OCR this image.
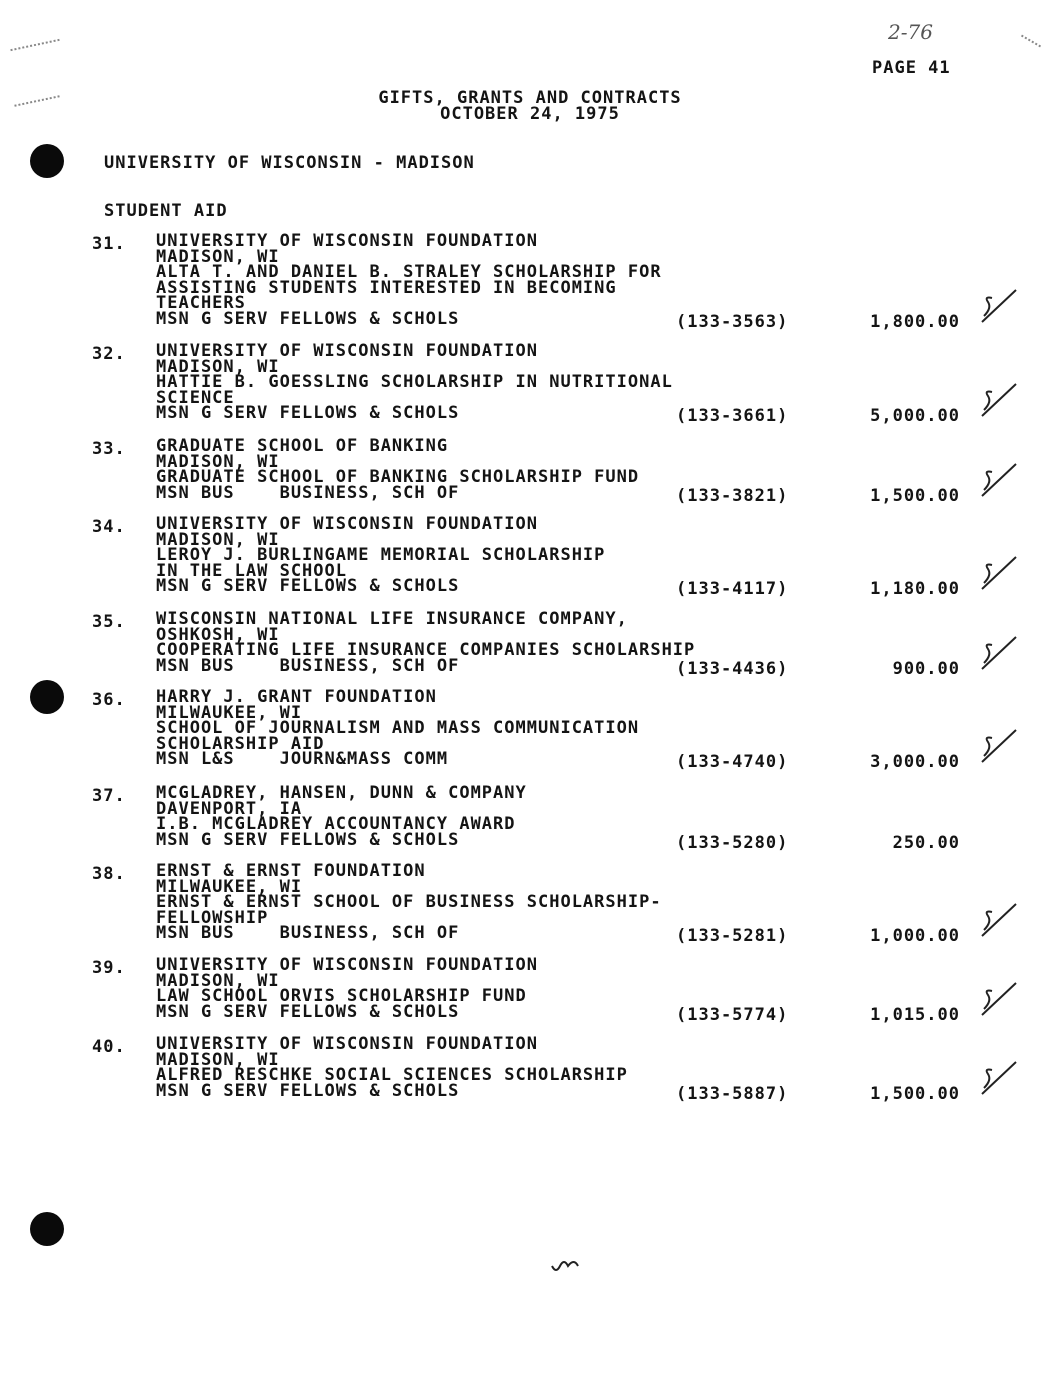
2-76
PAGE 41
GIFTS, GRANTS AND CONTRACTS
OCTOBER 24, 1975
UNIVERSITY OF WISCONSIN - MADISON
STUDENT AID
31. UNIVERSITY OF WISCONSIN FOUNDATION
MADISON, WI
ALTA T. AND DANIEL B. STRALEY SCHOLARSHIP FOR
ASSISTING STUDENTS INTERESTED IN BECOMING
TEACHERS
MSN G SERV FELLOWS & SCHOLS	(133-3563)	1,800.00
32. UNIVERSITY OF WISCONSIN FOUNDATION
MADISON, WI
HATTIE B. GOESSLING SCHOLARSHIP IN NUTRITIONAL
SCIENCE
MSN G SERV FELLOWS & SCHOLS	(133-3661)	5,000.00
33. GRADUATE SCHOOL OF BANKING
MADISON, WI
GRADUATE SCHOOL OF BANKING SCHOLARSHIP FUND
MSN BUS    BUSINESS, SCH OF	(133-3821)	1,500.00
34. UNIVERSITY OF WISCONSIN FOUNDATION
MADISON, WI
LEROY J. BURLINGAME MEMORIAL SCHOLARSHIP
IN THE LAW SCHOOL
MSN G SERV FELLOWS & SCHOLS	(133-4117)	1,180.00
35. WISCONSIN NATIONAL LIFE INSURANCE COMPANY,
OSHKOSH, WI
COOPERATING LIFE INSURANCE COMPANIES SCHOLARSHIP
MSN BUS    BUSINESS, SCH OF	(133-4436)	900.00
36. HARRY J. GRANT FOUNDATION
MILWAUKEE, WI
SCHOOL OF JOURNALISM AND MASS COMMUNICATION
SCHOLARSHIP AID
MSN L&S    JOURN&MASS COMM	(133-4740)	3,000.00
37. MCGLADREY, HANSEN, DUNN & COMPANY
DAVENPORT, IA
I.B. MCGLADREY ACCOUNTANCY AWARD
MSN G SERV FELLOWS & SCHOLS	(133-5280)	250.00
38. ERNST & ERNST FOUNDATION
MILWAUKEE, WI
ERNST & ERNST SCHOOL OF BUSINESS SCHOLARSHIP-
FELLOWSHIP
MSN BUS    BUSINESS, SCH OF	(133-5281)	1,000.00
39. UNIVERSITY OF WISCONSIN FOUNDATION
MADISON, WI
LAW SCHOOL ORVIS SCHOLARSHIP FUND
MSN G SERV FELLOWS & SCHOLS	(133-5774)	1,015.00
40. UNIVERSITY OF WISCONSIN FOUNDATION
MADISON, WI
ALFRED RESCHKE SOCIAL SCIENCES SCHOLARSHIP
MSN G SERV FELLOWS & SCHOLS	(133-5887)	1,500.00
